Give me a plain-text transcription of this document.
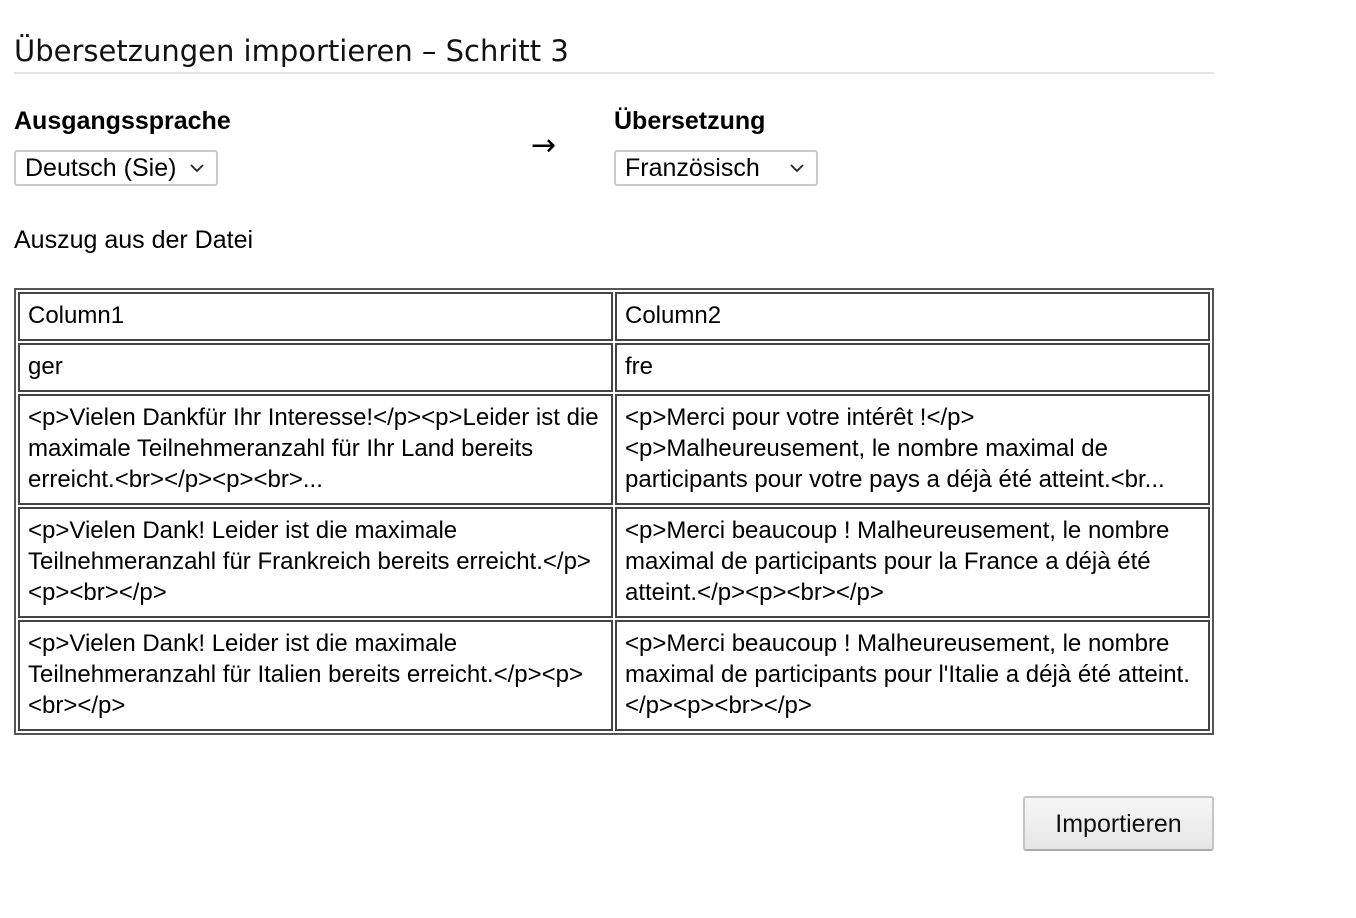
Übersetzungen importieren – Schritt 3
Ausgangssprache
Deutsch (Sie)
→
Übersetzung
Französisch
Auszug aus der Datei
Column1	Column2
ger	fre
<p>Vielen Dankfür Ihr Interesse!</p><p>Leider ist die maximale Teilnehmeranzahl für Ihr Land bereits erreicht.<br></p><p><br>...	<p>Merci pour votre intérêt !</p><p>Malheureusement, le nombre maximal de participants pour votre pays a déjà été atteint.<br...
<p>Vielen Dank! Leider ist die maximale Teilnehmeranzahl für Frankreich bereits erreicht.</p><p><br></p>	<p>Merci beaucoup ! Malheureusement, le nombre maximal de participants pour la France a déjà été atteint.</p><p><br></p>
<p>Vielen Dank! Leider ist die maximale Teilnehmeranzahl für Italien bereits erreicht.</p><p><br></p>	<p>Merci beaucoup ! Malheureusement, le nombre maximal de participants pour l'Italie a déjà été atteint.</p><p><br></p>
Importieren
